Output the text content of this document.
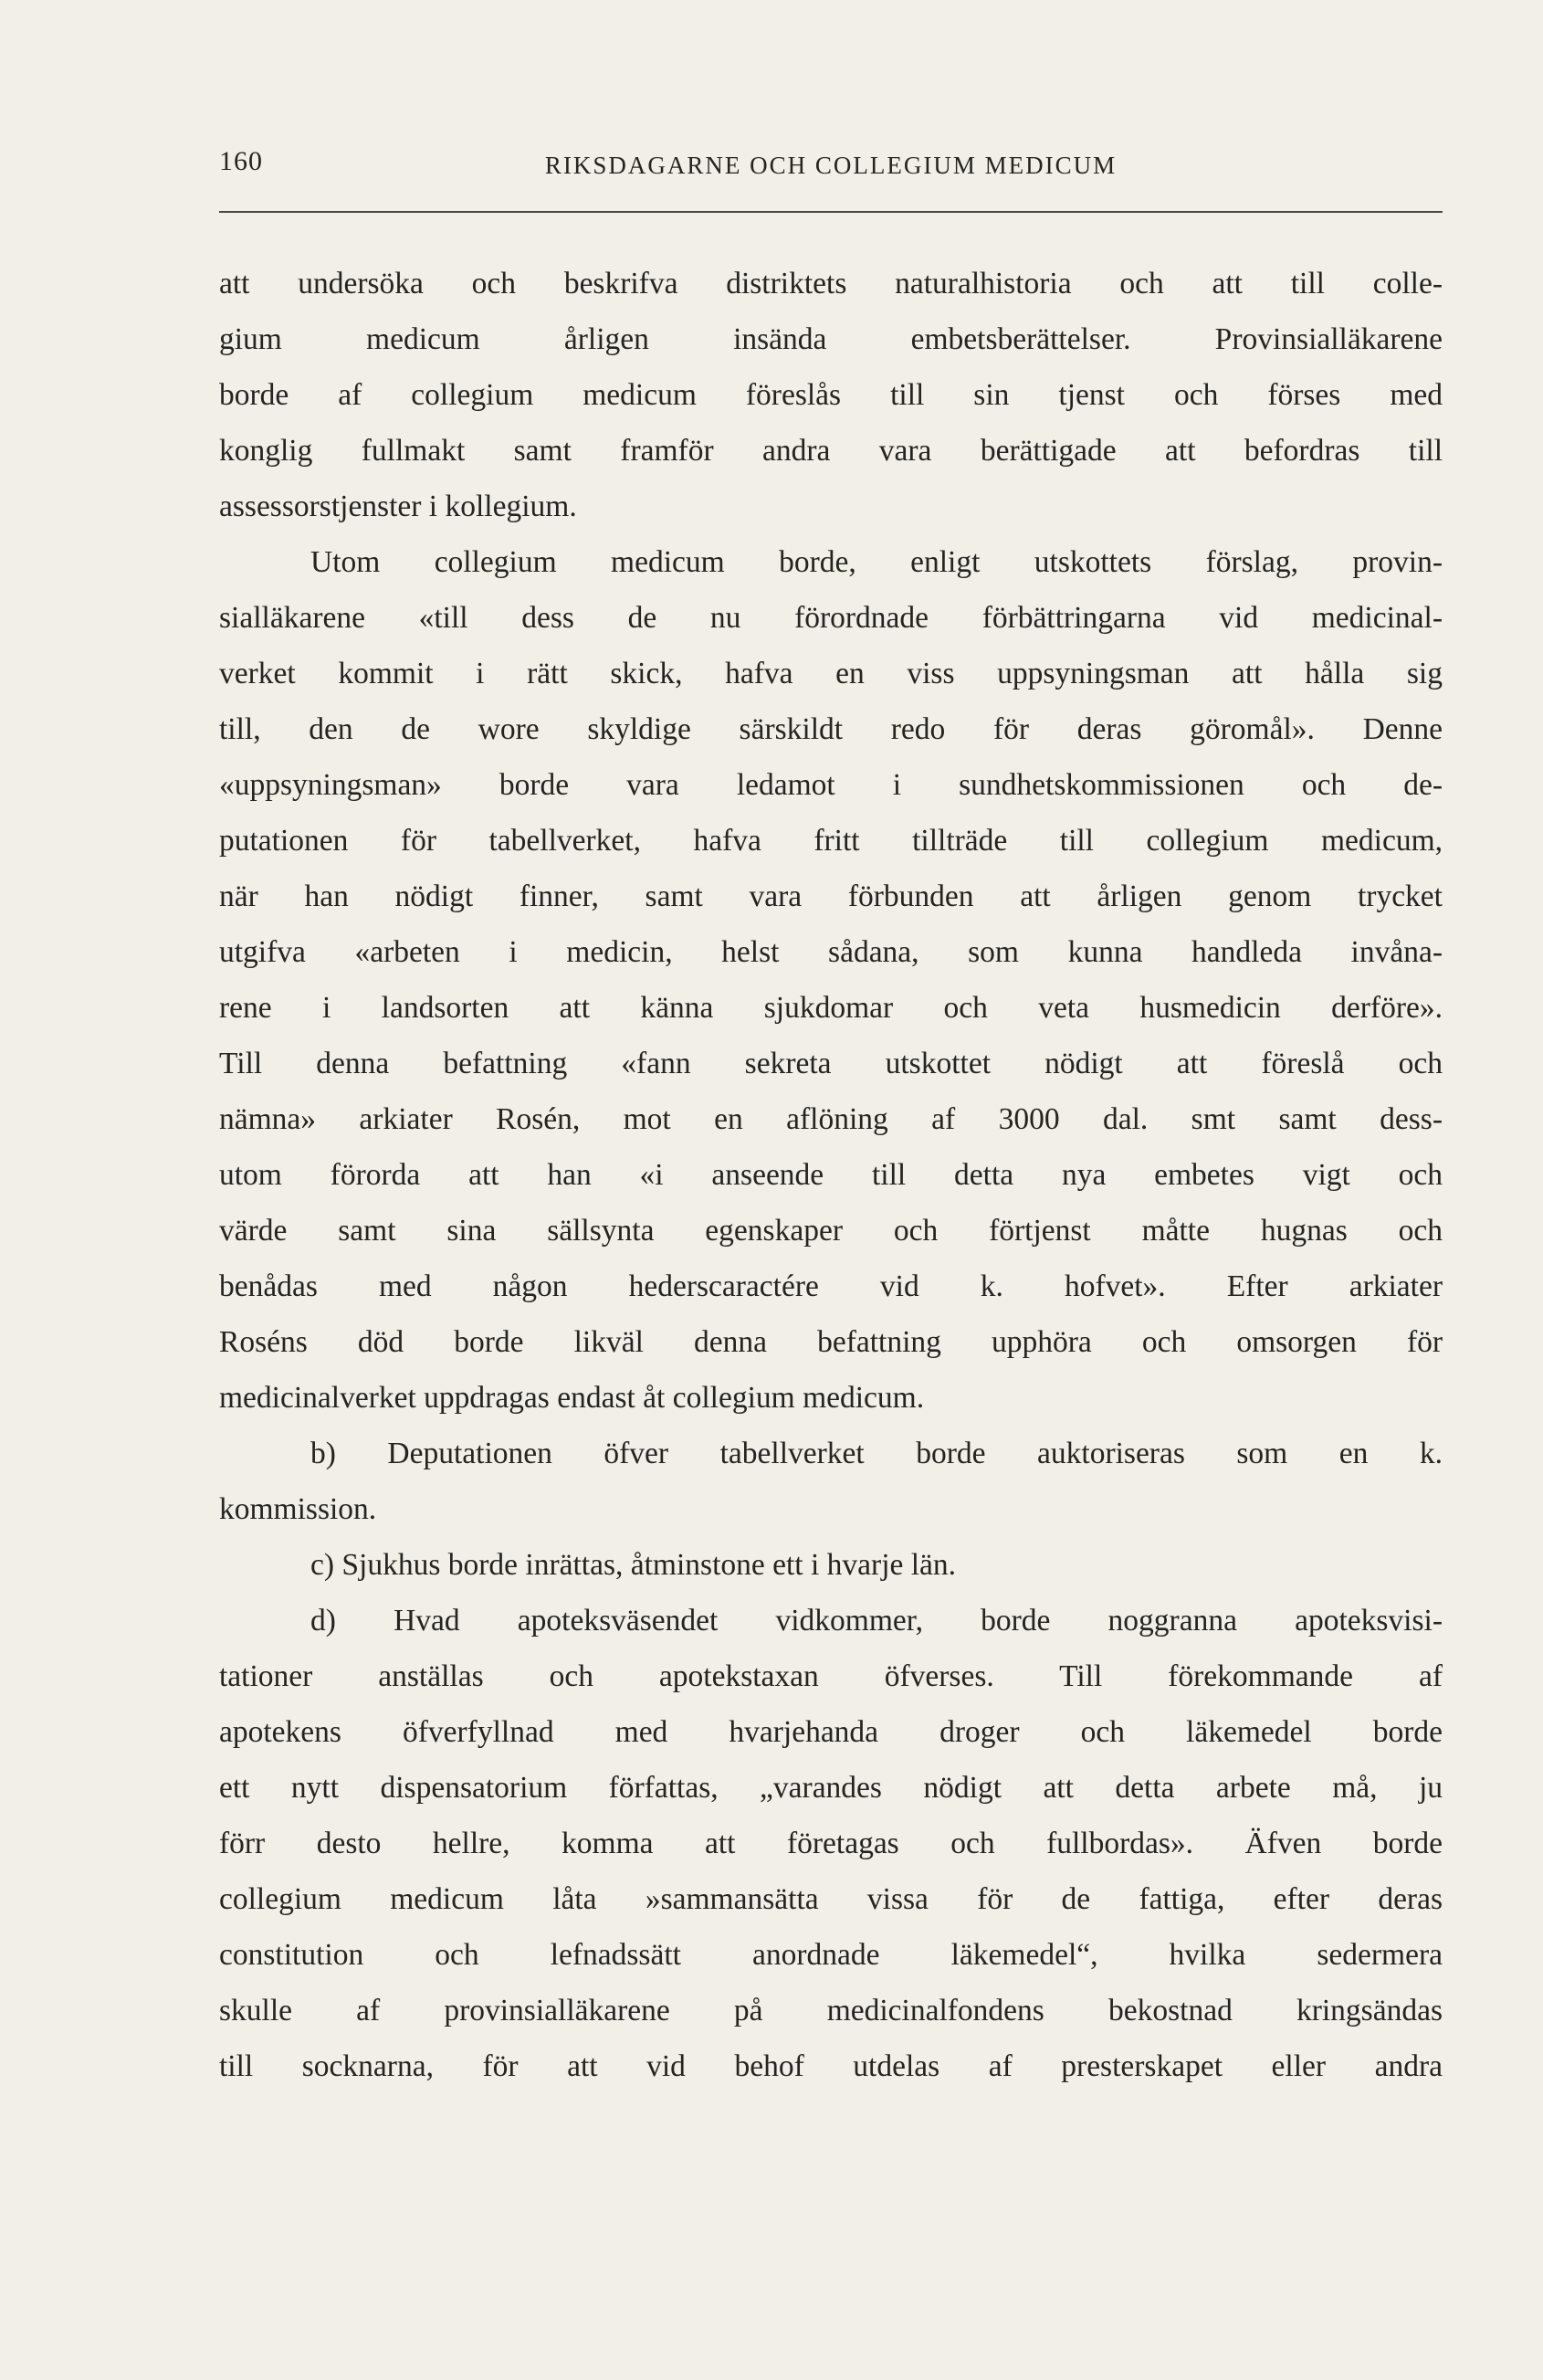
160	RIKSDAGARNE OCH COLLEGIUM MEDICUM
att undersöka och beskrifva distriktets naturalhistoria och att till colle-
gium medicum årligen insända embetsberättelser. Provinsialläkarene
borde af collegium medicum föreslås till sin tjenst och förses med
konglig fullmakt samt framför andra vara berättigade att befordras till
assessorstjenster i kollegium.
Utom collegium medicum borde, enligt utskottets förslag, provin-
sialläkarene «till dess de nu förordnade förbättringarna vid medicinal-
verket kommit i rätt skick, hafva en viss uppsyningsman att hålla sig
till, den de wore skyldige särskildt redo för deras göromål». Denne
«uppsyningsman» borde vara ledamot i sundhetskommissionen och de-
putationen för tabellverket, hafva fritt tillträde till collegium medicum,
när han nödigt finner, samt vara förbunden att årligen genom trycket
utgifva «arbeten i medicin, helst sådana, som kunna handleda invåna-
rene i landsorten att känna sjukdomar och veta husmedicin derföre».
Till denna befattning «fann sekreta utskottet nödigt att föreslå och
nämna» arkiater Rosén, mot en aflöning af 3000 dal. smt samt dess-
utom förorda att han «i anseende till detta nya embetes vigt och
värde samt sina sällsynta egenskaper och förtjenst måtte hugnas och
benådas med någon hederscaractére vid k. hofvet». Efter arkiater
Roséns död borde likväl denna befattning upphöra och omsorgen för
medicinalverket uppdragas endast åt collegium medicum.
b) Deputationen öfver tabellverket borde auktoriseras som en k.
kommission.
c) Sjukhus borde inrättas, åtminstone ett i hvarje län.
d) Hvad apoteksväsendet vidkommer, borde noggranna apoteksvisi-
tationer anställas och apotekstaxan öfverses. Till förekommande af
apotekens öfverfyllnad med hvarjehanda droger och läkemedel borde
ett nytt dispensatorium författas, „varandes nödigt att detta arbete må, ju
förr desto hellre, komma att företagas och fullbordas». Äfven borde
collegium medicum låta »sammansätta vissa för de fattiga, efter deras
constitution och lefnadssätt anordnade läkemedel“, hvilka sedermera
skulle af provinsialläkarene på medicinalfondens bekostnad kringsändas
till socknarna, för att vid behof utdelas af presterskapet eller andra
